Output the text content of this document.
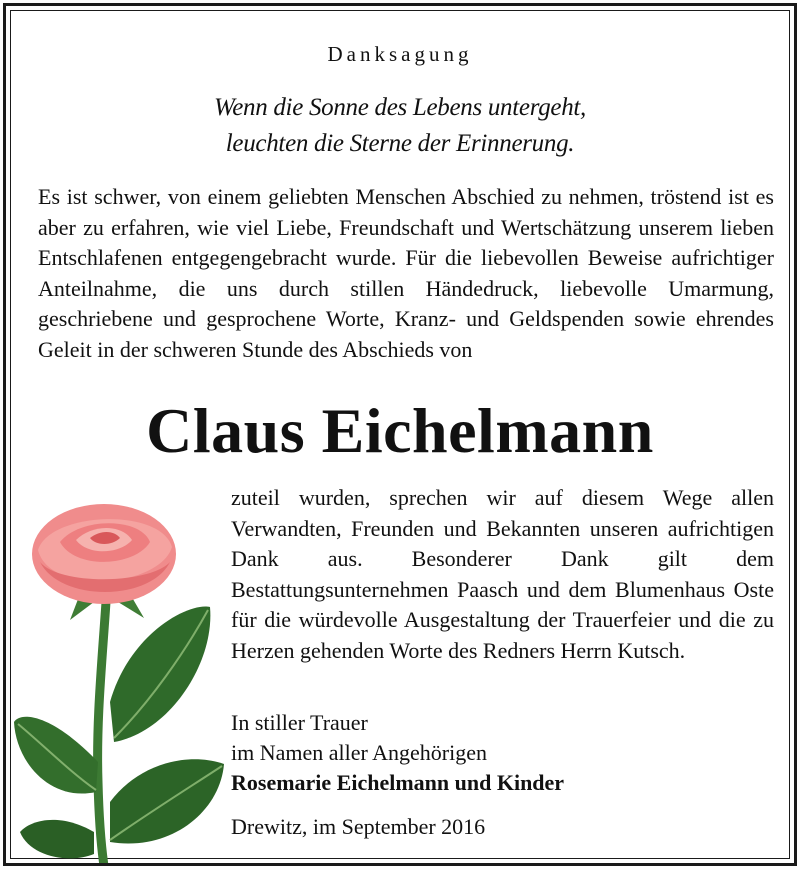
Danksagung
Wenn die Sonne des Lebens untergeht,
leuchten die Sterne der Erinnerung.
Es ist schwer, von einem geliebten Menschen Abschied zu nehmen, tröstend ist es aber zu erfahren, wie viel Liebe, Freundschaft und Wertschätzung unserem lieben Entschlafenen entgegengebracht wurde. Für die liebevollen Beweise aufrichtiger Anteilnahme, die uns durch stillen Händedruck, liebevolle Umarmung, geschriebene und gesprochene Worte, Kranz- und Geldspenden sowie ehrendes Geleit in der schweren Stunde des Abschieds von
Claus Eichelmann
zuteil wurden, sprechen wir auf diesem Wege allen Verwandten, Freunden und Bekannten unseren aufrichtigen Dank aus. Besonderer Dank gilt dem Bestattungsunternehmen Paasch und dem Blumenhaus Oste für die würdevolle Ausgestaltung der Trauerfeier und die zu Herzen gehenden Worte des Redners Herrn Kutsch.
In stiller Trauer
im Namen aller Angehörigen
Rosemarie Eichelmann und Kinder
Drewitz, im September 2016
